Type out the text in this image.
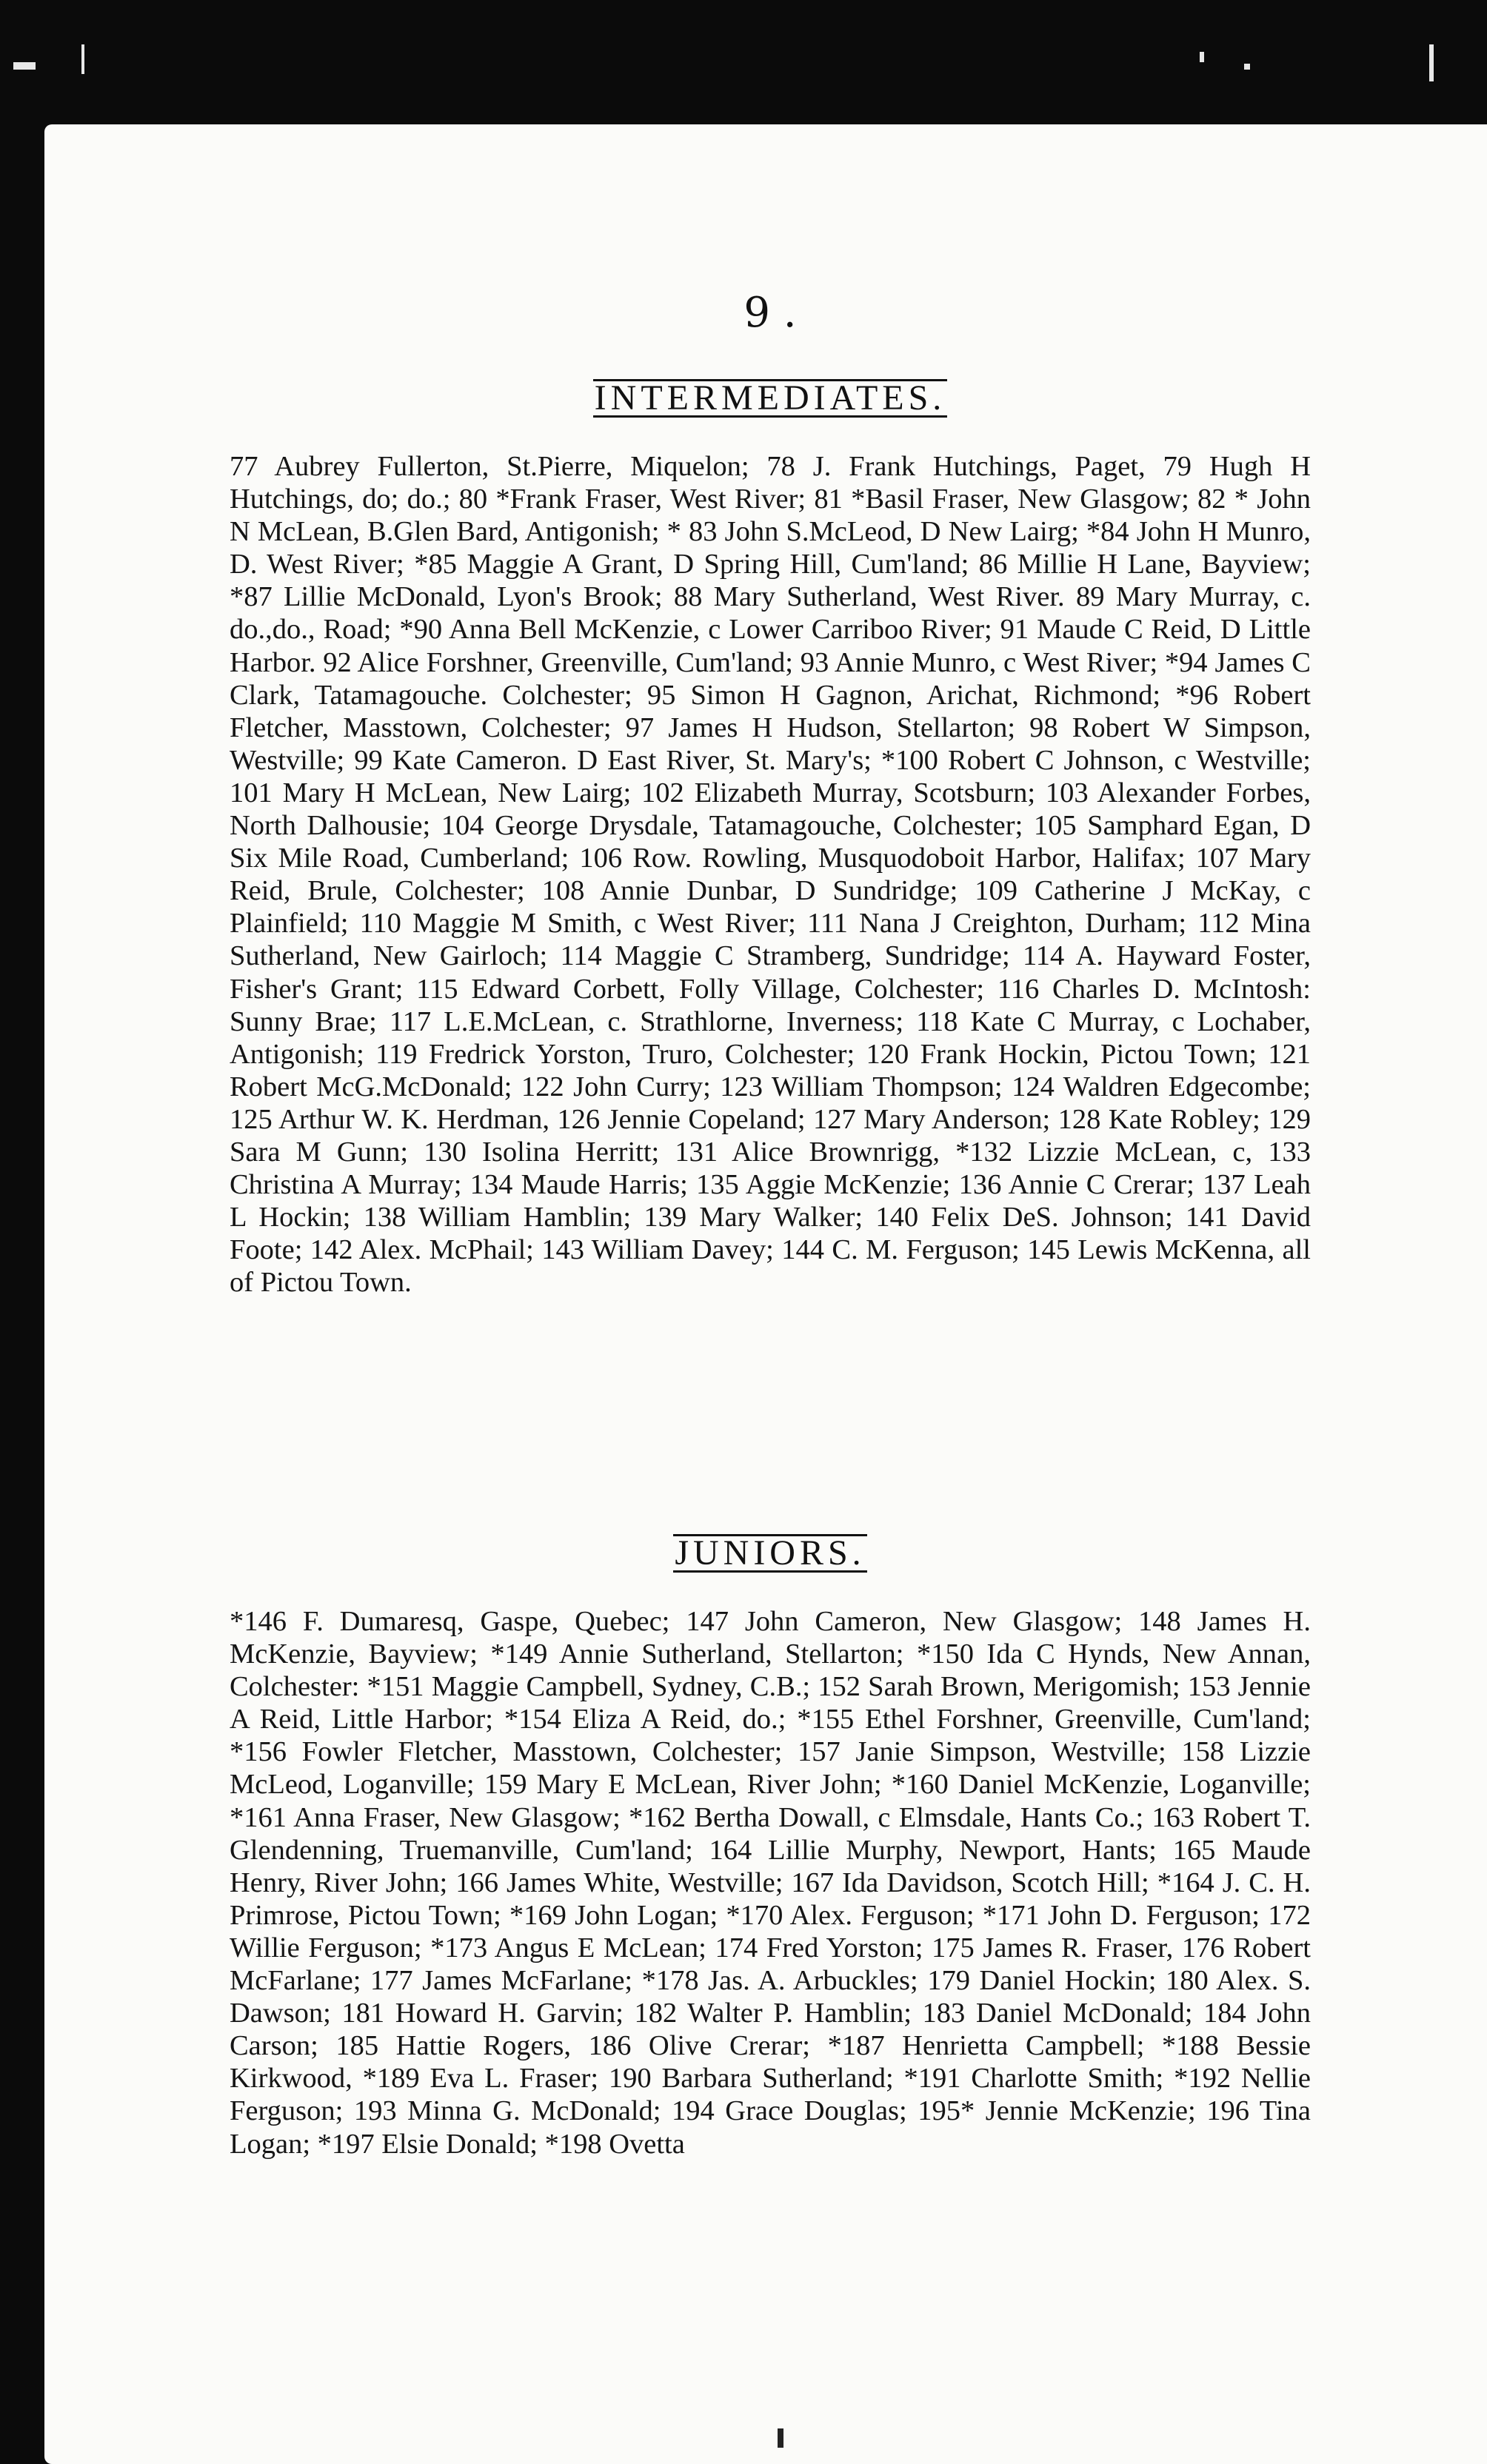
9 .
INTERMEDIATES.

77 Aubrey Fullerton, St.Pierre, Miquelon; 78 J. Frank Hutchings, Paget, 79 Hugh H Hutchings, do; do.; 80 *Frank Fraser, West River; 81 *Basil Fraser, New Glasgow; 82 * John N McLean, B.Glen Bard, Antigonish; * 83 John S.McLeod, D New Lairg; *84 John H Munro, D. West River; *85 Maggie A Grant, D Spring Hill, Cum'land; 86 Millie H Lane, Bayview; *87 Lillie McDonald, Lyon's Brook; 88 Mary Sutherland, West River. 89 Mary Murray, c. do.,do., Road; *90 Anna Bell McKenzie, c Lower Carriboo River; 91 Maude C Reid, D Little Harbor. 92 Alice Forshner, Greenville, Cum'land; 93 Annie Munro, c West River; *94 James C Clark, Tatamagouche. Colchester; 95 Simon H Gagnon, Arichat, Richmond; *96 Robert Fletcher, Masstown, Colchester; 97 James H Hudson, Stellarton; 98 Robert W Simpson, Westville; 99 Kate Cameron. D East River, St. Mary's; *100 Robert C Johnson, c Westville; 101 Mary H McLean, New Lairg; 102 Elizabeth Murray, Scotsburn; 103 Alexander Forbes, North Dalhousie; 104 George Drysdale, Tatamagouche, Colchester; 105 Samphard Egan, D Six Mile Road, Cumberland; 106 Row. Rowling, Musquodoboit Harbor, Halifax; 107 Mary Reid, Brule, Colchester; 108 Annie Dunbar, D Sundridge; 109 Catherine J McKay, c Plainfield; 110 Maggie M Smith, c West River; 111 Nana J Creighton, Durham; 112 Mina Sutherland, New Gairloch; 114 Maggie C Stramberg, Sundridge; 114 A. Hayward Foster, Fisher's Grant; 115 Edward Corbett, Folly Village, Colchester; 116 Charles D. McIntosh: Sunny Brae; 117 L.E.McLean, c. Strathlorne, Inverness; 118 Kate C Murray, c Lochaber, Antigonish; 119 Fredrick Yorston, Truro, Colchester; 120 Frank Hockin, Pictou Town; 121 Robert McG.McDonald; 122 John Curry; 123 William Thompson; 124 Waldren Edgecombe; 125 Arthur W. K. Herdman, 126 Jennie Copeland; 127 Mary Anderson; 128 Kate Robley; 129 Sara M Gunn; 130 Isolina Herritt; 131 Alice Brownrigg, *132 Lizzie McLean, c, 133 Christina A Murray; 134 Maude Harris; 135 Aggie McKenzie; 136 Annie C Crerar; 137 Leah L Hockin; 138 William Hamblin; 139 Mary Walker; 140 Felix DeS. Johnson; 141 David Foote; 142 Alex. McPhail; 143 William Davey; 144 C. M. Ferguson; 145 Lewis McKenna, all of Pictou Town.

JUNIORS.

*146 F. Dumaresq, Gaspe, Quebec; 147 John Cameron, New Glasgow; 148 James H. McKenzie, Bayview; *149 Annie Sutherland, Stellarton; *150 Ida C Hynds, New Annan, Colchester: *151 Maggie Campbell, Sydney, C.B.; 152 Sarah Brown, Merigomish; 153 Jennie A Reid, Little Harbor; *154 Eliza A Reid, do.; *155 Ethel Forshner, Greenville, Cum'land; *156 Fowler Fletcher, Masstown, Colchester; 157 Janie Simpson, Westville; 158 Lizzie McLeod, Loganville; 159 Mary E McLean, River John; *160 Daniel McKenzie, Loganville; *161 Anna Fraser, New Glasgow; *162 Bertha Dowall, c Elmsdale, Hants Co.; 163 Robert T. Glendenning, Truemanville, Cum'land; 164 Lillie Murphy, Newport, Hants; 165 Maude Henry, River John; 166 James White, Westville; 167 Ida Davidson, Scotch Hill; *164 J. C. H. Primrose, Pictou Town; *169 John Logan; *170 Alex. Ferguson; *171 John D. Ferguson; 172 Willie Ferguson; *173 Angus E McLean; 174 Fred Yorston; 175 James R. Fraser, 176 Robert McFarlane; 177 James McFarlane; *178 Jas. A. Arbuckles; 179 Daniel Hockin; 180 Alex. S. Dawson; 181 Howard H. Garvin; 182 Walter P. Hamblin; 183 Daniel McDonald; 184 John Carson; 185 Hattie Rogers, 186 Olive Crerar; *187 Henrietta Campbell; *188 Bessie Kirkwood, *189 Eva L. Fraser; 190 Barbara Sutherland; *191 Charlotte Smith; *192 Nellie Ferguson; 193 Minna G. McDonald; 194 Grace Douglas; 195* Jennie McKenzie; 196 Tina Logan; *197 Elsie Donald; *198 Ovetta
